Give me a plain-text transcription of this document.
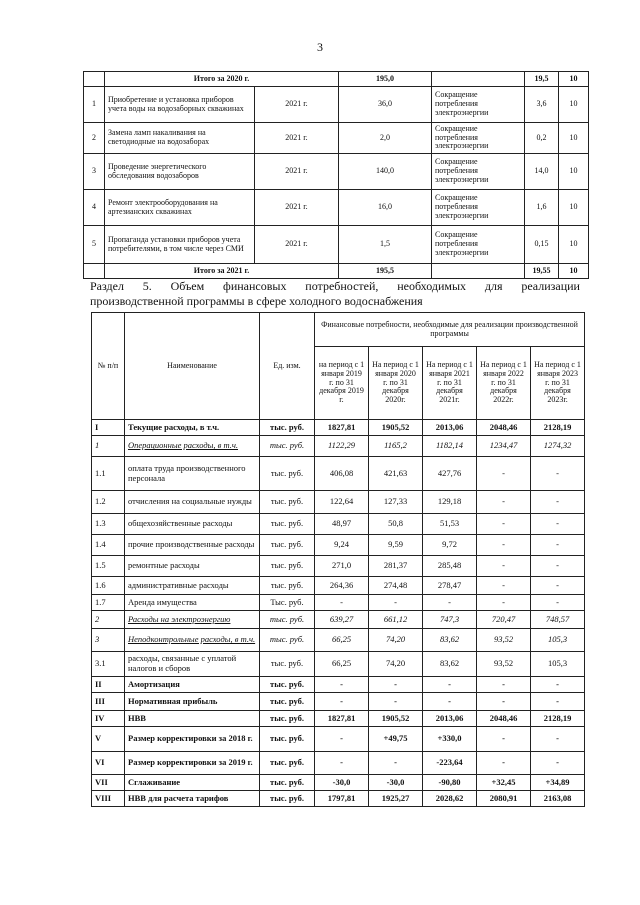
3
	Итого за 2020 г.		195,0		19,5	10
1	Приобретение и установка приборов учета воды на водозаборных скважинах	2021 г.	36,0	Сокращение потребления электроэнергии	3,6	10
2	Замена ламп накаливания на светодиодные на водозаборах	2021 г.	2,0	Сокращение потребления электроэнергии	0,2	10
3	Проведение энергетического обследования водозаборов	2021 г.	140,0	Сокращение потребления электроэнергии	14,0	10
4	Ремонт электрооборудования на артезианских скважинах	2021 г.	16,0	Сокращение потребления электроэнергии	1,6	10
5	Пропаганда установки приборов учета потребителями, в том числе через СМИ	2021 г.	1,5	Сокращение потребления электроэнергии	0,15	10
	Итого за 2021 г.		195,5		19,55	10
Раздел 5. Объем финансовых потребностей, необходимых для реализации
производственной программы в сфере холодного водоснабжения
№ п/п	Наименование	Ед. изм.	Финансовые потребности, необходимые для реализации производственной программы				
			на период с 1 января 2019 г. по 31 декабря 2019 г.	На период с 1 января 2020 г. по 31 декабря 2020г.	На период с 1 января 2021 г. по 31 декабря 2021г.	На период с 1 января 2022 г. по 31 декабря 2022г.	На период с 1 января 2023 г. по 31 декабря 2023г.
I	Текущие расходы, в т.ч.	тыс. руб.	1827,81	1905,52	2013,06	2048,46	2128,19
1	Операционные расходы, в т.ч.	тыс. руб.	1122,29	1165,2	1182,14	1234,47	1274,32
1.1	оплата труда производственного персонала	тыс. руб.	406,08	421,63	427,76	-	-
1.2	отчисления на социальные нужды	тыс. руб.	122,64	127,33	129,18	-	-
1.3	общехозяйственные расходы	тыс. руб.	48,97	50,8	51,53	-	-
1.4	прочие производственные расходы	тыс. руб.	9,24	9,59	9,72	-	-
1.5	ремонтные расходы	тыс. руб.	271,0	281,37	285,48	-	-
1.6	административные расходы	тыс. руб.	264,36	274,48	278,47	-	-
1.7	Аренда имущества	Тыс. руб.	-	-	-	-	-
2	Расходы на электроэнергию	тыс. руб.	639,27	661,12	747,3	720,47	748,57
3	Неподконтрольные расходы, в т.ч.	тыс. руб.	66,25	74,20	83,62	93,52	105,3
3.1	расходы, связанные с уплатой налогов и сборов	тыс. руб.	66,25	74,20	83,62	93,52	105,3
II	Амортизация	тыс. руб.	-	-	-	-	-
III	Нормативная прибыль	тыс. руб.	-	-	-	-	-
IV	НВВ	тыс. руб.	1827,81	1905,52	2013,06	2048,46	2128,19
V	Размер корректировки за 2018 г.	тыс. руб.	-	+49,75	+330,0	-	-
VI	Размер корректировки за 2019 г.	тыс. руб.	-	-	-223,64	-	-
VII	Сглаживание	тыс. руб.	-30,0	-30,0	-90,80	+32,45	+34,89
VIII	НВВ для расчета тарифов	тыс. руб.	1797,81	1925,27	2028,62	2080,91	2163,08
